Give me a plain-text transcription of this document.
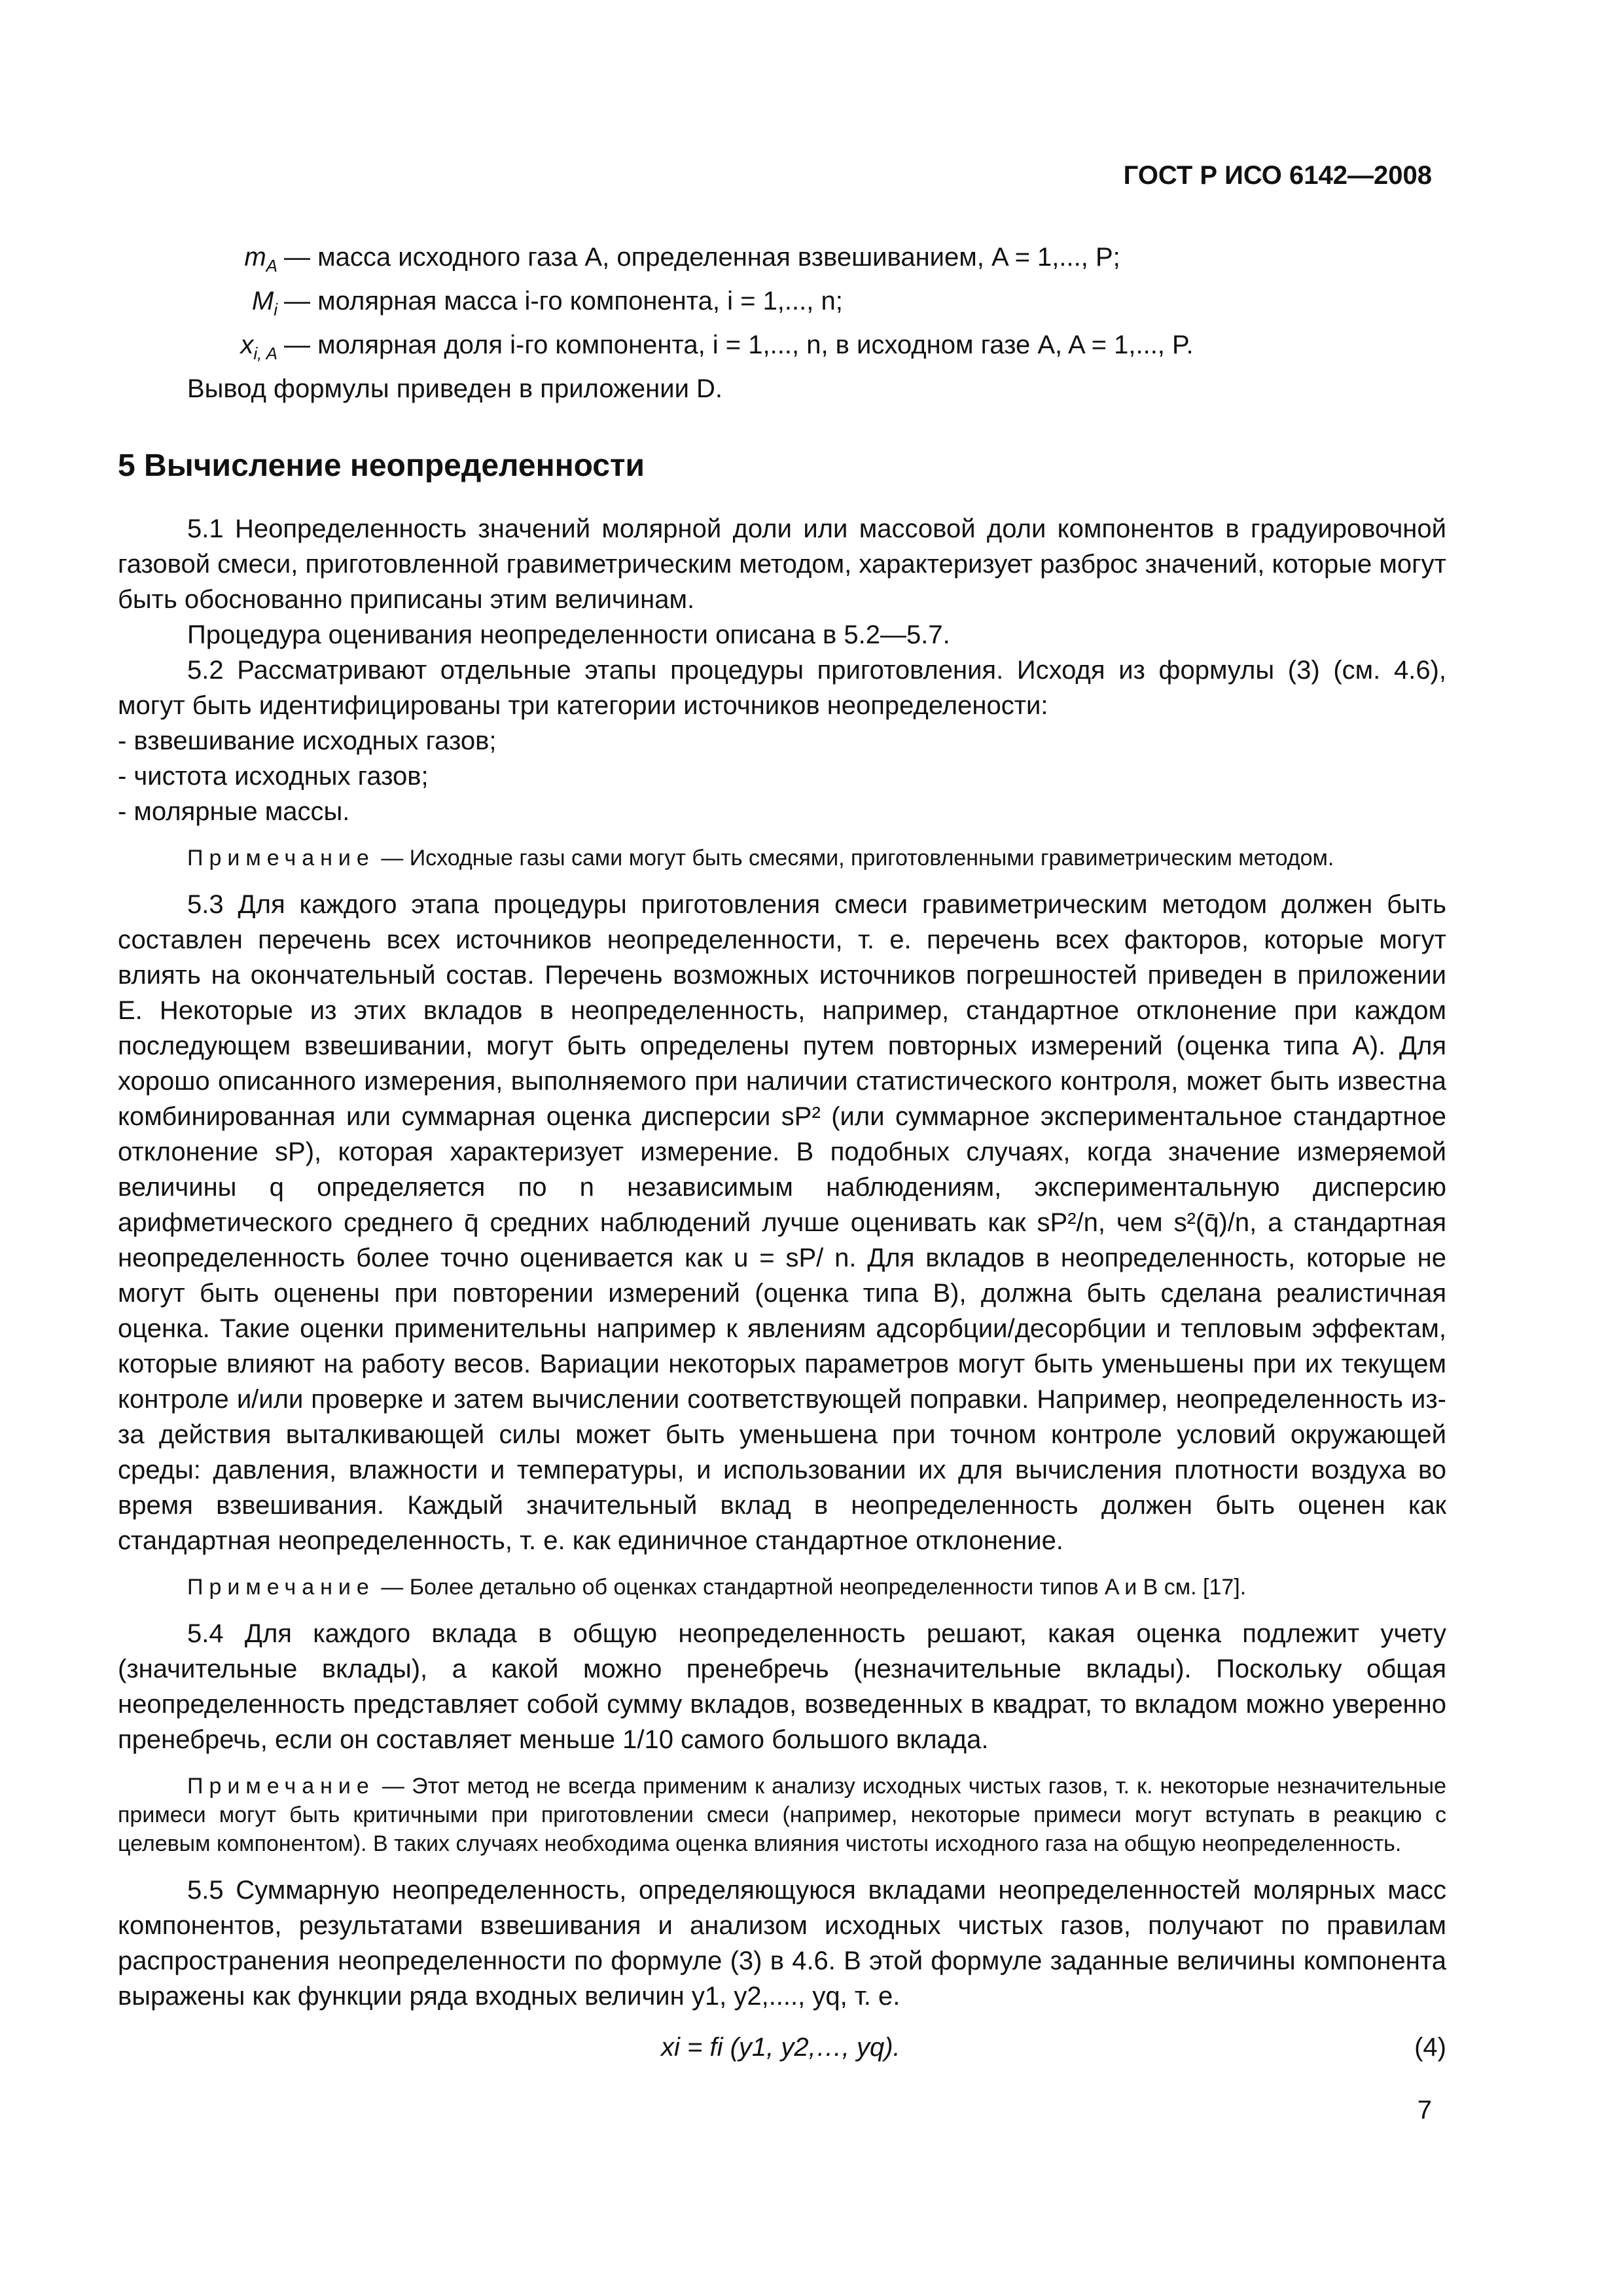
ГОСТ Р ИСО 6142—2008
$m_A$ — масса исходного газа A, определенная взвешиванием, A = 1,..., P;
$M_i$ — молярная масса i-го компонента, i = 1,..., n;
$x_{i, A}$ — молярная доля i-го компонента, i = 1,..., n, в исходном газе A, A = 1,..., P.

Вывод формулы приведен в приложении D.

5 Вычисление неопределенности

5.1 Неопределенность значений молярной доли или массовой доли компонентов в градуировочной газовой смеси, приготовленной гравиметрическим методом, характеризует разброс значений, которые могут быть обоснованно приписаны этим величинам.

Процедура оценивания неопределенности описана в 5.2—5.7.

5.2 Рассматривают отдельные этапы процедуры приготовления. Исходя из формулы (3) (см. 4.6), могут быть идентифицированы три категории источников неопределености:

- взвешивание исходных газов;
- чистота исходных газов;
- молярные массы.
Примечание — Исходные газы сами могут быть смесями, приготовленными гравиметрическим методом.

5.3 Для каждого этапа процедуры приготовления смеси гравиметрическим методом должен быть составлен перечень всех источников неопределенности, т. е. перечень всех факторов, которые могут влиять на окончательный состав. Перечень возможных источников погрешностей приведен в приложении E. Некоторые из этих вкладов в неопределенность, например, стандартное отклонение при каждом последующем взвешивании, могут быть определены путем повторных измерений (оценка типа A). Для хорошо описанного измерения, выполняемого при наличии статистического контроля, может быть известна комбинированная или суммарная оценка дисперсии sP² (или суммарное экспериментальное стандартное отклонение sP), которая характеризует измерение. В подобных случаях, когда значение измеряемой величины q определяется по n независимым наблюдениям, экспериментальную дисперсию арифметического среднего q̄ средних наблюдений лучше оценивать как sP²/n, чем s²(q̄)/n, а стандартная неопределенность более точно оценивается как u = sP/ n. Для вкладов в неопределенность, которые не могут быть оценены при повторении измерений (оценка типа B), должна быть сделана реалистичная оценка. Такие оценки применительны например к явлениям адсорбции/десорбции и тепловым эффектам, которые влияют на работу весов. Вариации некоторых параметров могут быть уменьшены при их текущем контроле и/или проверке и затем вычислении соответствующей поправки. Например, неопределенность из-за действия выталкивающей силы может быть уменьшена при точном контроле условий окружающей среды: давления, влажности и температуры, и использовании их для вычисления плотности воздуха во время взвешивания. Каждый значительный вклад в неопределенность должен быть оценен как стандартная неопределенность, т. е. как единичное стандартное отклонение.

Примечание — Более детально об оценках стандартной неопределенности типов A и B см. [17].

5.4 Для каждого вклада в общую неопределенность решают, какая оценка подлежит учету (значительные вклады), а какой можно пренебречь (незначительные вклады). Поскольку общая неопределенность представляет собой сумму вкладов, возведенных в квадрат, то вкладом можно уверенно пренебречь, если он составляет меньше 1/10 самого большого вклада.

Примечание — Этот метод не всегда применим к анализу исходных чистых газов, т. к. некоторые незначительные примеси могут быть критичными при приготовлении смеси (например, некоторые примеси могут вступать в реакцию с целевым компонентом). В таких случаях необходима оценка влияния чистоты исходного газа на общую неопределенность.

5.5 Суммарную неопределенность, определяющуюся вкладами неопределенностей молярных масс компонентов, результатами взвешивания и анализом исходных чистых газов, получают по правилам распространения неопределенности по формуле (3) в 4.6. В этой формуле заданные величины компонента выражены как функции ряда входных величин y1, y2,...., yq, т. е.

xi = fi (y1, y2,…, yq).	(4)
7
